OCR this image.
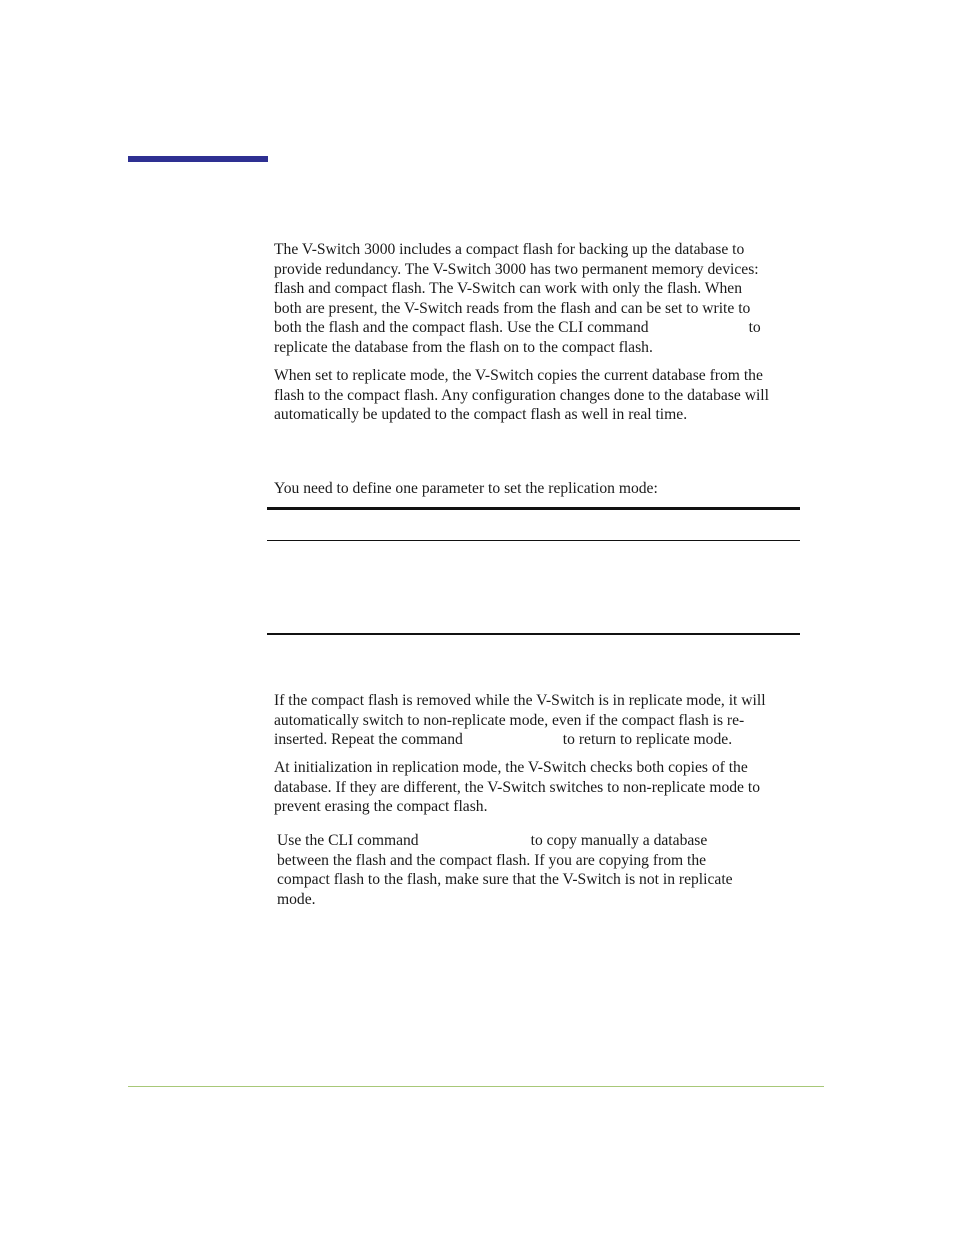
The V-Switch 3000 includes a compact flash for backing up the database to
provide redundancy. The V-Switch 3000 has two permanent memory devices:
flash and compact flash. The V-Switch can work with only the flash. When
both are present, the V-Switch reads from the flash and can be set to write to
both the flash and the compact flash. Use the CLI command	to
replicate the database from the flash on to the compact flash.
When set to replicate mode, the V-Switch copies the current database from the
flash to the compact flash. Any configuration changes done to the database will
automatically be updated to the compact flash as well in real time.
You need to define one parameter to set the replication mode:
If the compact flash is removed while the V-Switch is in replicate mode, it will
automatically switch to non-replicate mode, even if the compact flash is re-
inserted. Repeat the command	to return to replicate mode.
At initialization in replication mode, the V-Switch checks both copies of the
database. If they are different, the V-Switch switches to non-replicate mode to
prevent erasing the compact flash.
Use the CLI command	to copy manually a database
between the flash and the compact flash. If you are copying from the
compact flash to the flash, make sure that the V-Switch is not in replicate
mode.
